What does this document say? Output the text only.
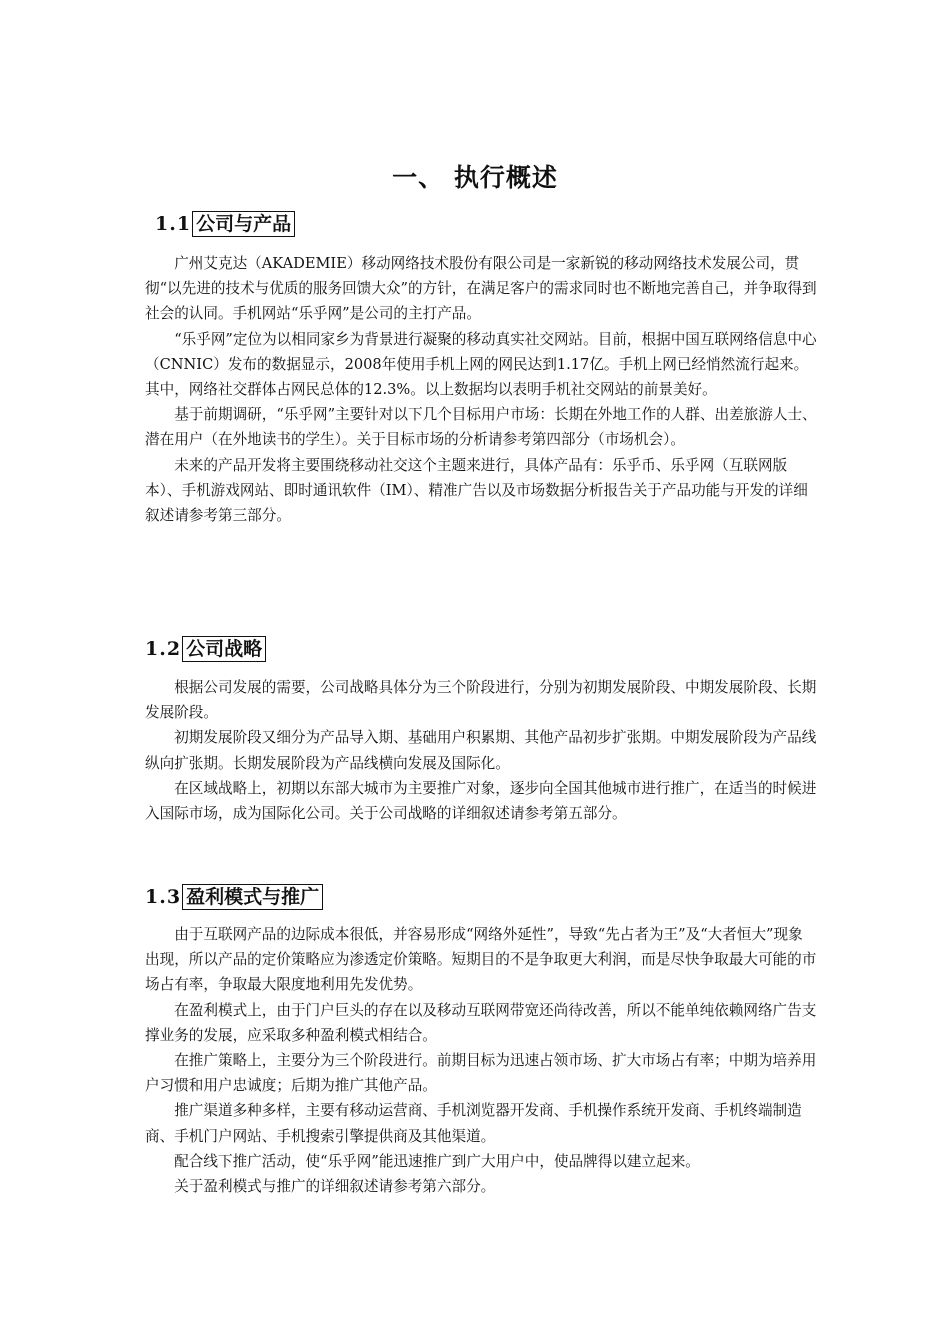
一、 执行概述
1.1 公司与产品

广州艾克达（AKADEMIE）移动网络技术股份有限公司是一家新锐的移动网络技术发展公司，贯彻“以先进的技术与优质的服务回馈大众”的方针，在满足客户的需求同时也不断地完善自己，并争取得到社会的认同。手机网站“乐乎网”是公司的主打产品。

“乐乎网”定位为以相同家乡为背景进行凝聚的移动真实社交网站。目前，根据中国互联网络信息中心（CNNIC）发布的数据显示，2008年使用手机上网的网民达到1.17亿。手机上网已经悄然流行起来。其中，网络社交群体占网民总体的12.3%。以上数据均以表明手机社交网站的前景美好。

基于前期调研，“乐乎网”主要针对以下几个目标用户市场：长期在外地工作的人群、出差旅游人士、潜在用户（在外地读书的学生）。关于目标市场的分析请参考第四部分（市场机会）。

未来的产品开发将主要围绕移动社交这个主题来进行，具体产品有：乐乎币、乐乎网（互联网版本）、手机游戏网站、即时通讯软件（IM）、精准广告以及市场数据分析报告关于产品功能与开发的详细叙述请参考第三部分。

1.2 公司战略

根据公司发展的需要，公司战略具体分为三个阶段进行，分别为初期发展阶段、中期发展阶段、长期发展阶段。

初期发展阶段又细分为产品导入期、基础用户积累期、其他产品初步扩张期。中期发展阶段为产品线纵向扩张期。长期发展阶段为产品线横向发展及国际化。

在区域战略上，初期以东部大城市为主要推广对象，逐步向全国其他城市进行推广，在适当的时候进入国际市场，成为国际化公司。关于公司战略的详细叙述请参考第五部分。

1.3 盈利模式与推广

由于互联网产品的边际成本很低，并容易形成“网络外延性”，导致“先占者为王”及“大者恒大”现象出现，所以产品的定价策略应为渗透定价策略。短期目的不是争取更大利润，而是尽快争取最大可能的市场占有率，争取最大限度地利用先发优势。

在盈利模式上，由于门户巨头的存在以及移动互联网带宽还尚待改善，所以不能单纯依赖网络广告支撑业务的发展，应采取多种盈利模式相结合。

在推广策略上，主要分为三个阶段进行。前期目标为迅速占领市场、扩大市场占有率；中期为培养用户习惯和用户忠诚度；后期为推广其他产品。

推广渠道多种多样，主要有移动运营商、手机浏览器开发商、手机操作系统开发商、手机终端制造商、手机门户网站、手机搜索引擎提供商及其他渠道。

配合线下推广活动，使“乐乎网”能迅速推广到广大用户中，使品牌得以建立起来。

关于盈利模式与推广的详细叙述请参考第六部分。
